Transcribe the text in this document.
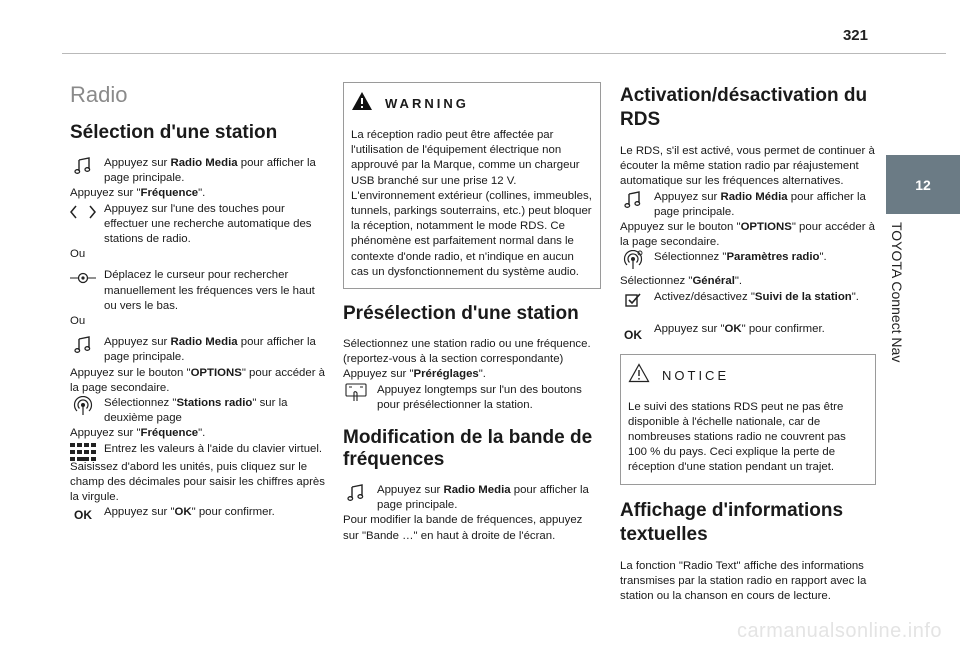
321
12
TOYOTA Connect Nav
Radio
Sélection d'une station

Appuyez sur Radio Media pour afficher la page principale.

Appuyez sur "Fréquence".

Appuyez sur l'une des touches pour effectuer une recherche automatique des stations de radio.

Ou

Déplacez le curseur pour rechercher manuellement les fréquences vers le haut ou vers le bas.

Ou

Appuyez sur Radio Media pour afficher la page principale.

Appuyez sur le bouton "OPTIONS" pour accéder à la page secondaire.

Sélectionnez "Stations radio" sur la deuxième page

Appuyez sur "Fréquence".

Entrez les valeurs à l'aide du clavier virtuel.

Saisissez d'abord les unités, puis cliquez sur le champ des décimales pour saisir les chiffres après la virgule.

OK	Appuyez sur "OK" pour confirmer.

WARNING

La réception radio peut être affectée par l'utilisation de l'équipement électrique non approuvé par la Marque, comme un chargeur USB branché sur une prise 12 V. L'environnement extérieur (collines, immeubles, tunnels, parkings souterrains, etc.) peut bloquer la réception, notamment le mode RDS. Ce phénomène est parfaitement normal dans le contexte d'onde radio, et n'indique en aucun cas un dysfonctionnement du système audio.

Présélection d'une station

Sélectionnez une station radio ou une fréquence. (reportez-vous à la section correspondante)

Appuyez sur "Préréglages".

Appuyez longtemps sur l'un des boutons pour présélectionner la station.

Modification de la bande de fréquences

Appuyez sur Radio Media pour afficher la page principale.

Pour modifier la bande de fréquences, appuyez sur "Bande …" en haut à droite de l'écran.

Activation/désactivation du RDS

Le RDS, s'il est activé, vous permet de continuer à écouter la même station radio par réajustement automatique sur les fréquences alternatives.

Appuyez sur Radio Média pour afficher la page principale.

Appuyez sur le bouton "OPTIONS" pour accéder à la page secondaire.

Sélectionnez "Paramètres radio".

Sélectionnez "Général".

Activez/désactivez "Suivi de la station".

OK	Appuyez sur "OK" pour confirmer.

NOTICE

Le suivi des stations RDS peut ne pas être disponible à l'échelle nationale, car de nombreuses stations radio ne couvrent pas 100 % du pays. Ceci explique la perte de réception d'une station pendant un trajet.

Affichage d'informations textuelles

La fonction "Radio Text" affiche des informations transmises par la station radio en rapport avec la station ou la chanson en cours de lecture.

carmanualsonline.info
